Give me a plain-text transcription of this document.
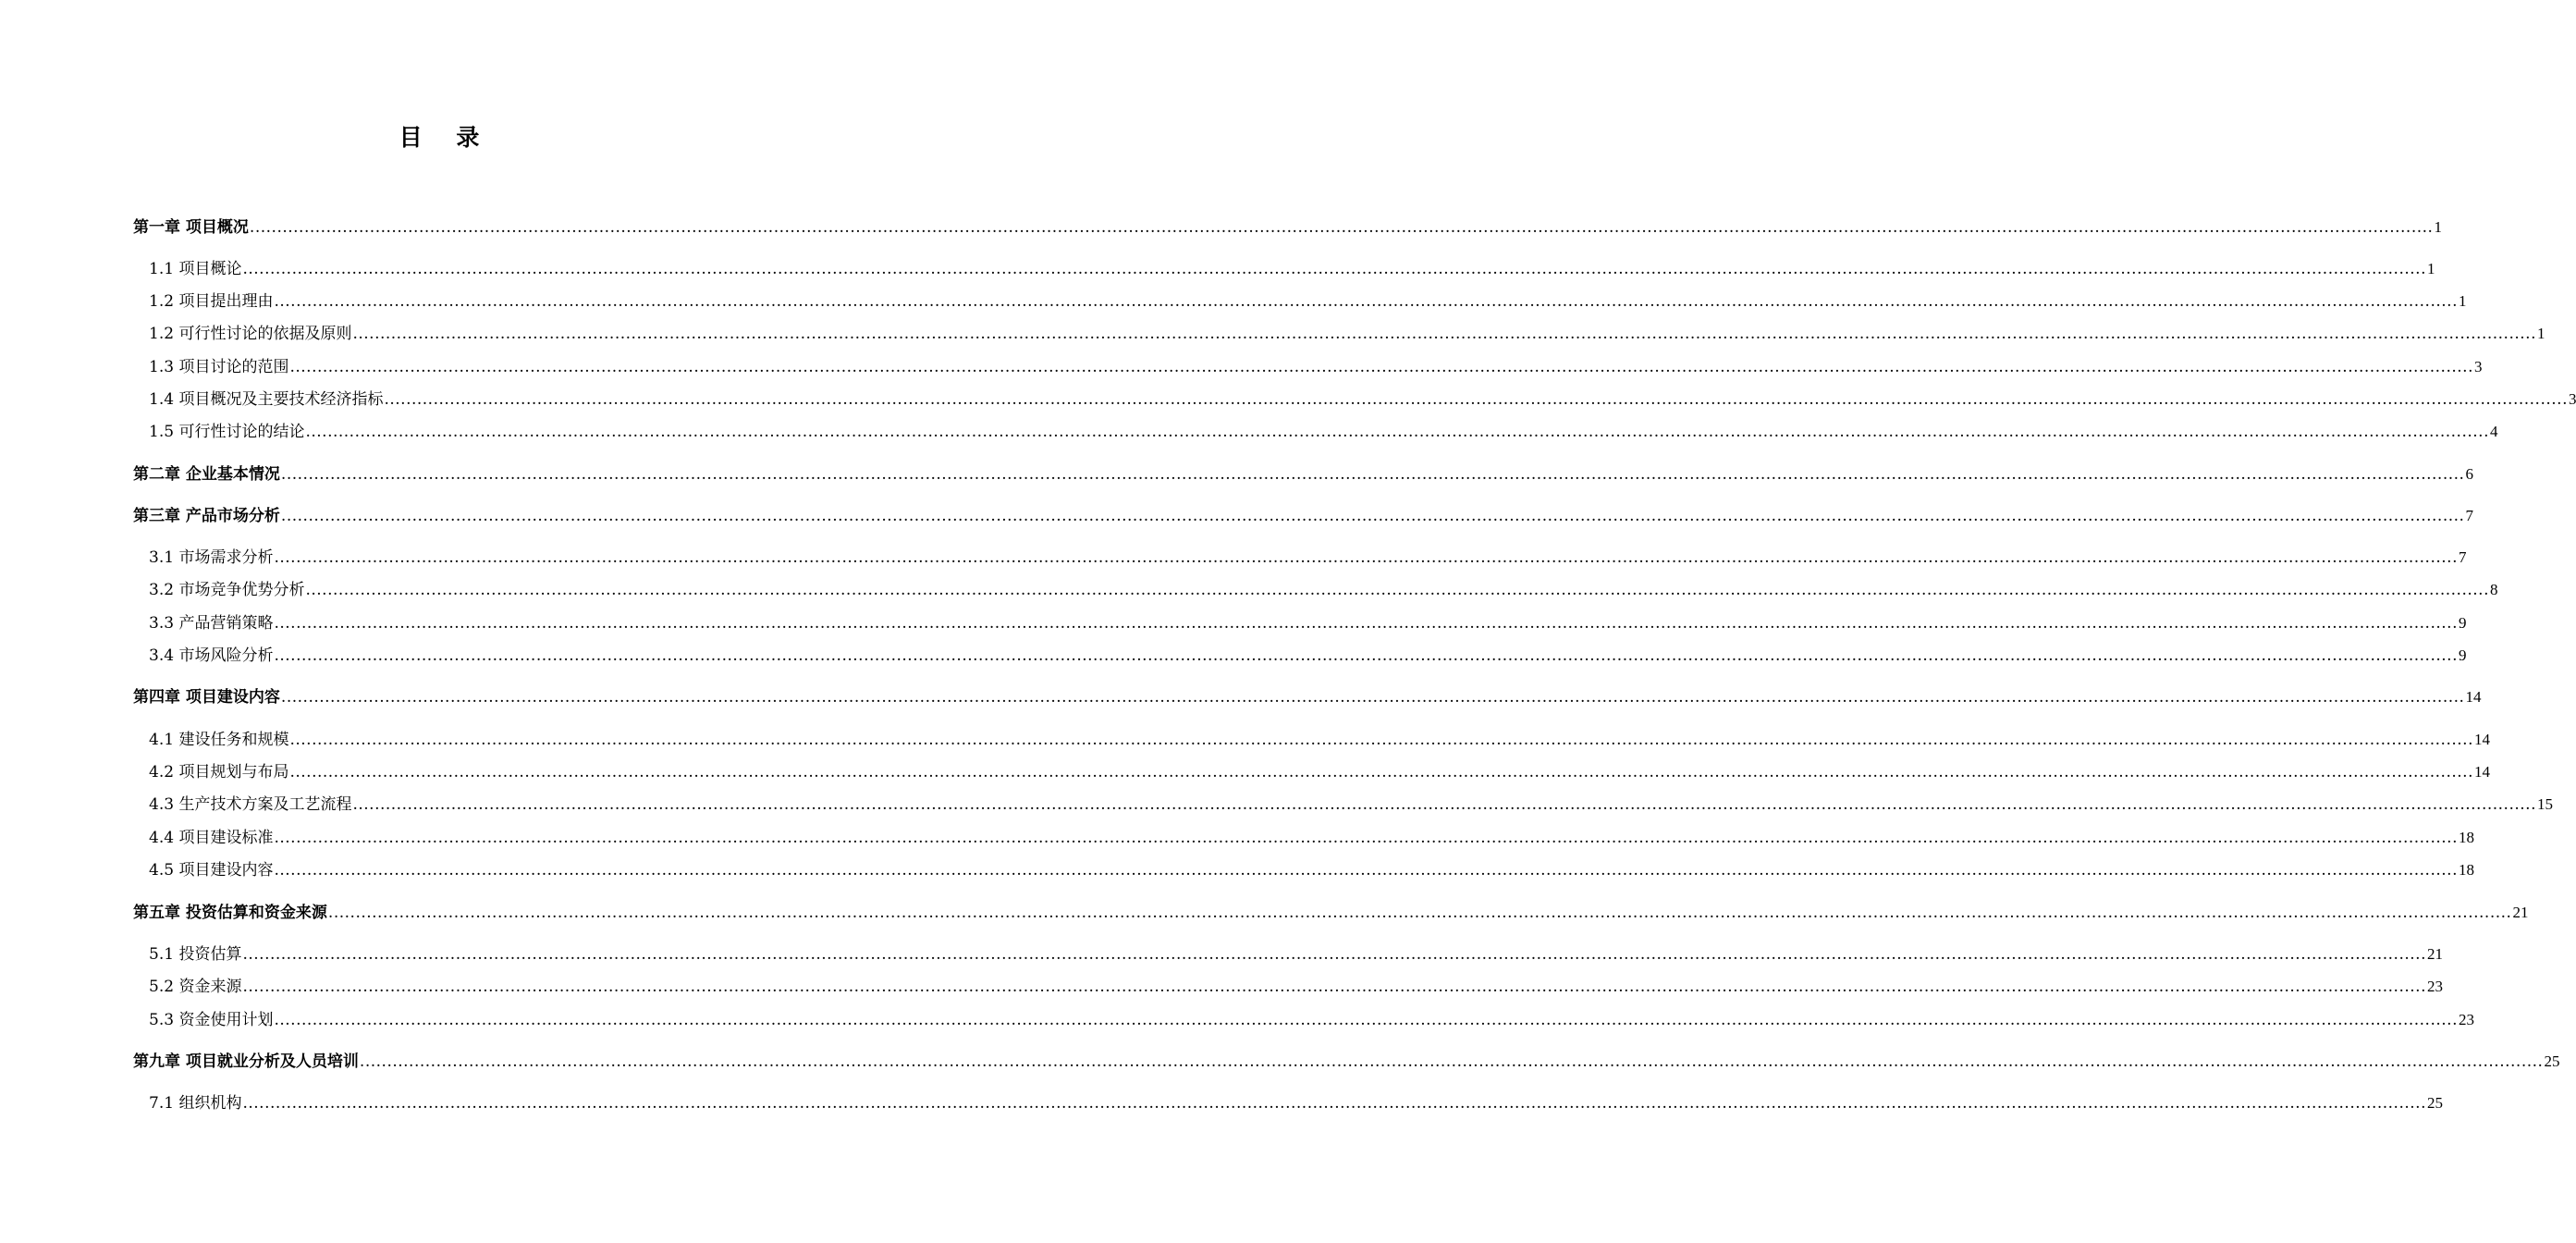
目 录
第一章 项目概况 ................................................................................................................................................................................................................................................................................................................................................................................................................ 1
1.1 项目概论 ................................................................................................................................................................................................................................................................................................................................................................................................................ 1
1.2 项目提出理由 ................................................................................................................................................................................................................................................................................................................................................................................................................ 1
1.2 可行性讨论的依据及原则 ................................................................................................................................................................................................................................................................................................................................................................................................................ 1
1.3 项目讨论的范围 ................................................................................................................................................................................................................................................................................................................................................................................................................ 3
1.4 项目概况及主要技术经济指标 ................................................................................................................................................................................................................................................................................................................................................................................................................ 3
1.5 可行性讨论的结论 ................................................................................................................................................................................................................................................................................................................................................................................................................ 4
第二章 企业基本情况 ................................................................................................................................................................................................................................................................................................................................................................................................................ 6
第三章 产品市场分析 ................................................................................................................................................................................................................................................................................................................................................................................................................ 7
3.1 市场需求分析 ................................................................................................................................................................................................................................................................................................................................................................................................................ 7
3.2 市场竞争优势分析 ................................................................................................................................................................................................................................................................................................................................................................................................................ 8
3.3 产品营销策略 ................................................................................................................................................................................................................................................................................................................................................................................................................ 9
3.4 市场风险分析 ................................................................................................................................................................................................................................................................................................................................................................................................................ 9
第四章 项目建设内容 ................................................................................................................................................................................................................................................................................................................................................................................................................ 14
4.1 建设任务和规模 ................................................................................................................................................................................................................................................................................................................................................................................................................ 14
4.2 项目规划与布局 ................................................................................................................................................................................................................................................................................................................................................................................................................ 14
4.3 生产技术方案及工艺流程 ................................................................................................................................................................................................................................................................................................................................................................................................................ 15
4.4 项目建设标准 ................................................................................................................................................................................................................................................................................................................................................................................................................ 18
4.5 项目建设内容 ................................................................................................................................................................................................................................................................................................................................................................................................................ 18
第五章 投资估算和资金来源 ................................................................................................................................................................................................................................................................................................................................................................................................................ 21
5.1 投资估算 ................................................................................................................................................................................................................................................................................................................................................................................................................ 21
5.2 资金来源 ................................................................................................................................................................................................................................................................................................................................................................................................................ 23
5.3 资金使用计划 ................................................................................................................................................................................................................................................................................................................................................................................................................ 23
第九章 项目就业分析及人员培训 ................................................................................................................................................................................................................................................................................................................................................................................................................ 25
7.1 组织机构 ................................................................................................................................................................................................................................................................................................................................................................................................................ 25
